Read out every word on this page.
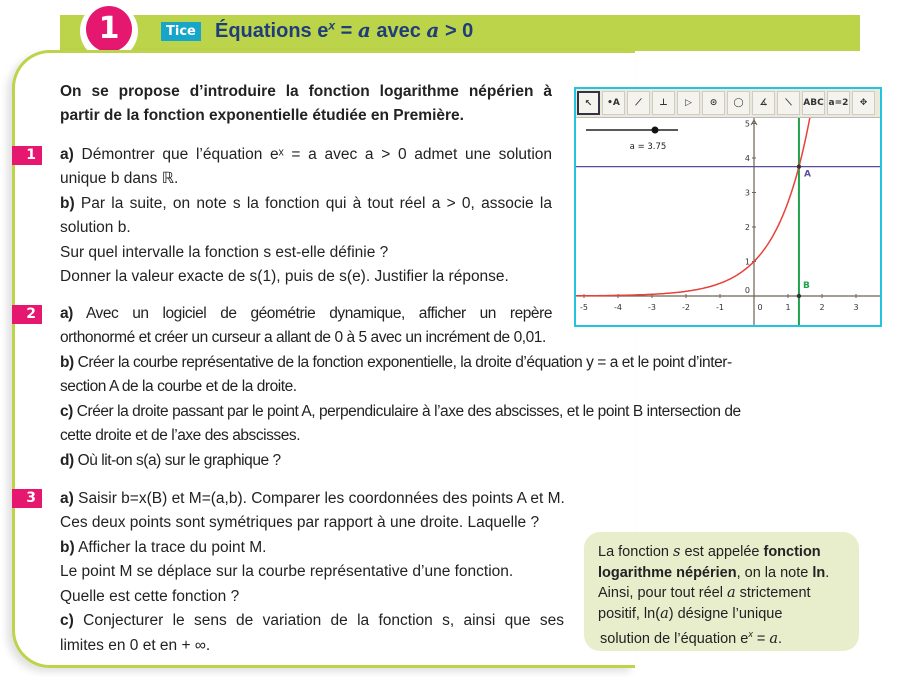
1	Tice Équations $e^x = a$ avec a > 0
On se propose d’introduire la fonction logarithme népérien à
partir de la fonction exponentielle étudiée en Première.
1
2
3
a) Démontrer que l’équation eˣ = a avec a > 0 admet une solution
unique b dans ℝ.
b) Par la suite, on note s la fonction qui à tout réel a > 0, associe la
solution b.
Sur quel intervalle la fonction s est-elle définie ?
Donner la valeur exacte de s(1), puis de s(e). Justifier la réponse.
a) Avec un logiciel de géométrie dynamique, afficher un repère
orthonormé et créer un curseur a allant de 0 à 5 avec un incrément de 0,01.
b) Créer la courbe représentative de la fonction exponentielle, la droite d’équation y = a et le point d’inter-
section A de la courbe et de la droite.
c) Créer la droite passant par le point A, perpendiculaire à l’axe des abscisses, et le point B intersection de
cette droite et de l’axe des abscisses.
d) Où lit-on s(a) sur le graphique ?
a) Saisir b=x(B) et M=(a,b). Comparer les coordonnées des points A et M.
Ces deux points sont symétriques par rapport à une droite. Laquelle ?
b) Afficher la trace du point M.
Le point M se déplace sur la courbe représentative d’une fonction.
Quelle est cette fonction ?
c) Conjecturer le sens de variation de la fonction s, ainsi que ses
limites en 0 et en + ∞.
↖	•A	⟋	⊥	▷	⊙	◯	∡	⟍	ABC a=2	✥
-5	-4	-3	-2	-1	0	1	2	3
1
2
3
4
5
0
A
B
a = 3.75
La fonction s est appelée fonction logarithme népérien, on la note ln.
Ainsi, pour tout réel a strictement
positif, ln(a) désigne l’unique
solution de l’équation $e^x = a$.
